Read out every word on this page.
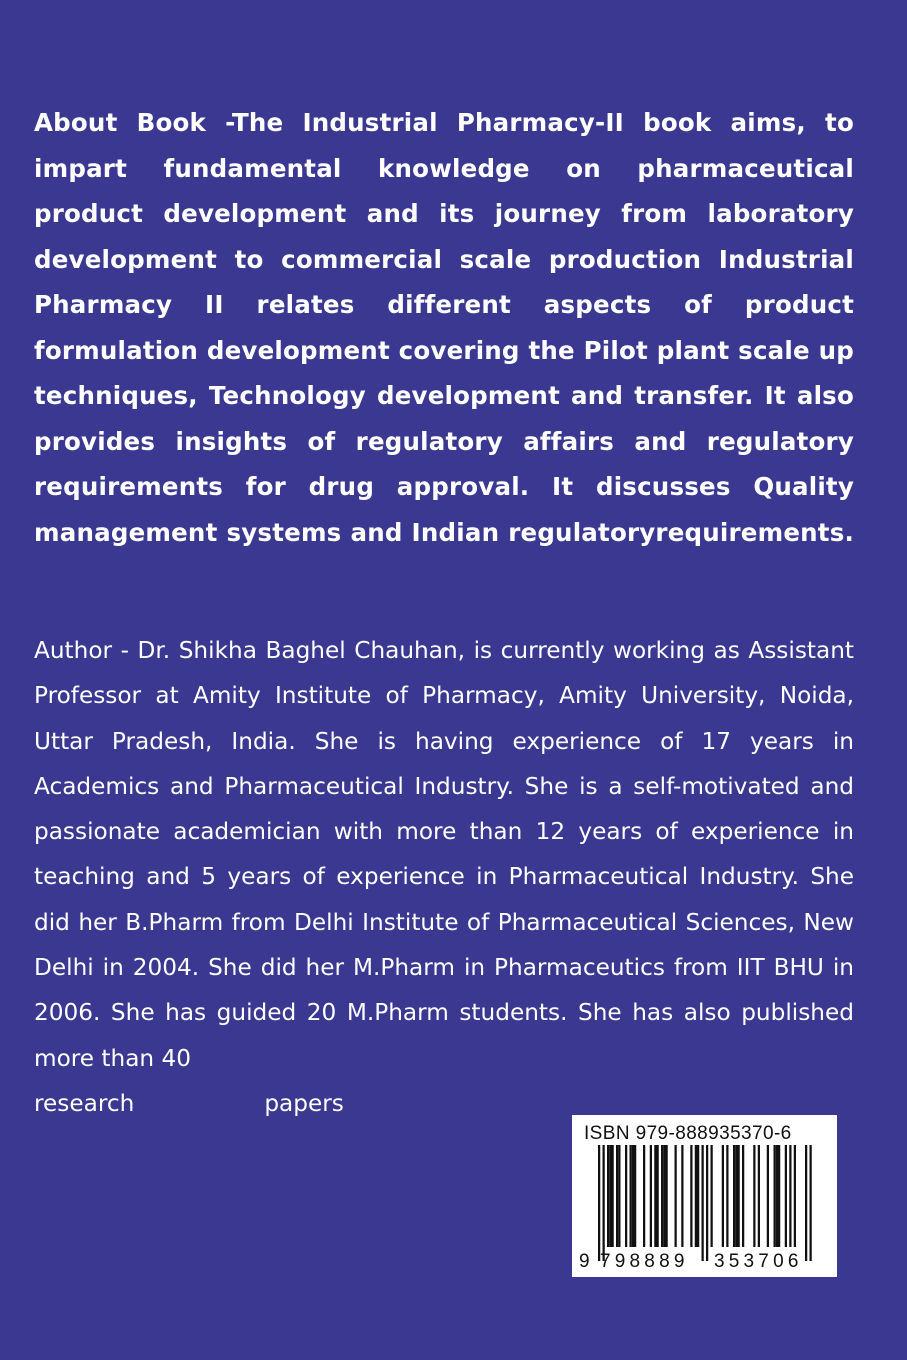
About Book -The Industrial Pharmacy-II book aims, to impart fundamental knowledge on pharmaceutical product development and its journey from laboratory development to commercial scale production Industrial Pharmacy II relates different aspects of product formulation development covering the Pilot plant scale up techniques, Technology development and transfer. It also provides insights of regulatory affairs and regulatory requirements for drug approval. It discusses Quality management systems and Indian regulatoryrequirements.

Author - Dr. Shikha Baghel Chauhan, is currently working as Assistant Professor at Amity Institute of Pharmacy, Amity University, Noida, Uttar Pradesh, India. She is having experience of 17 years in Academics and Pharmaceutical Industry. She is a self-motivated and passionate academician with more than 12 years of experience in teaching and 5 years of experience in Pharmaceutical Industry. She did her B.Pharm from Delhi Institute of Pharmaceutical Sciences, New Delhi in 2004. She did her M.Pharm in Pharmaceutics from IIT BHU in 2006. She has guided 20 M.Pharm students. She has also published more than 40
research	papers
ISBN 979-888935370-6
9 798889 353706
